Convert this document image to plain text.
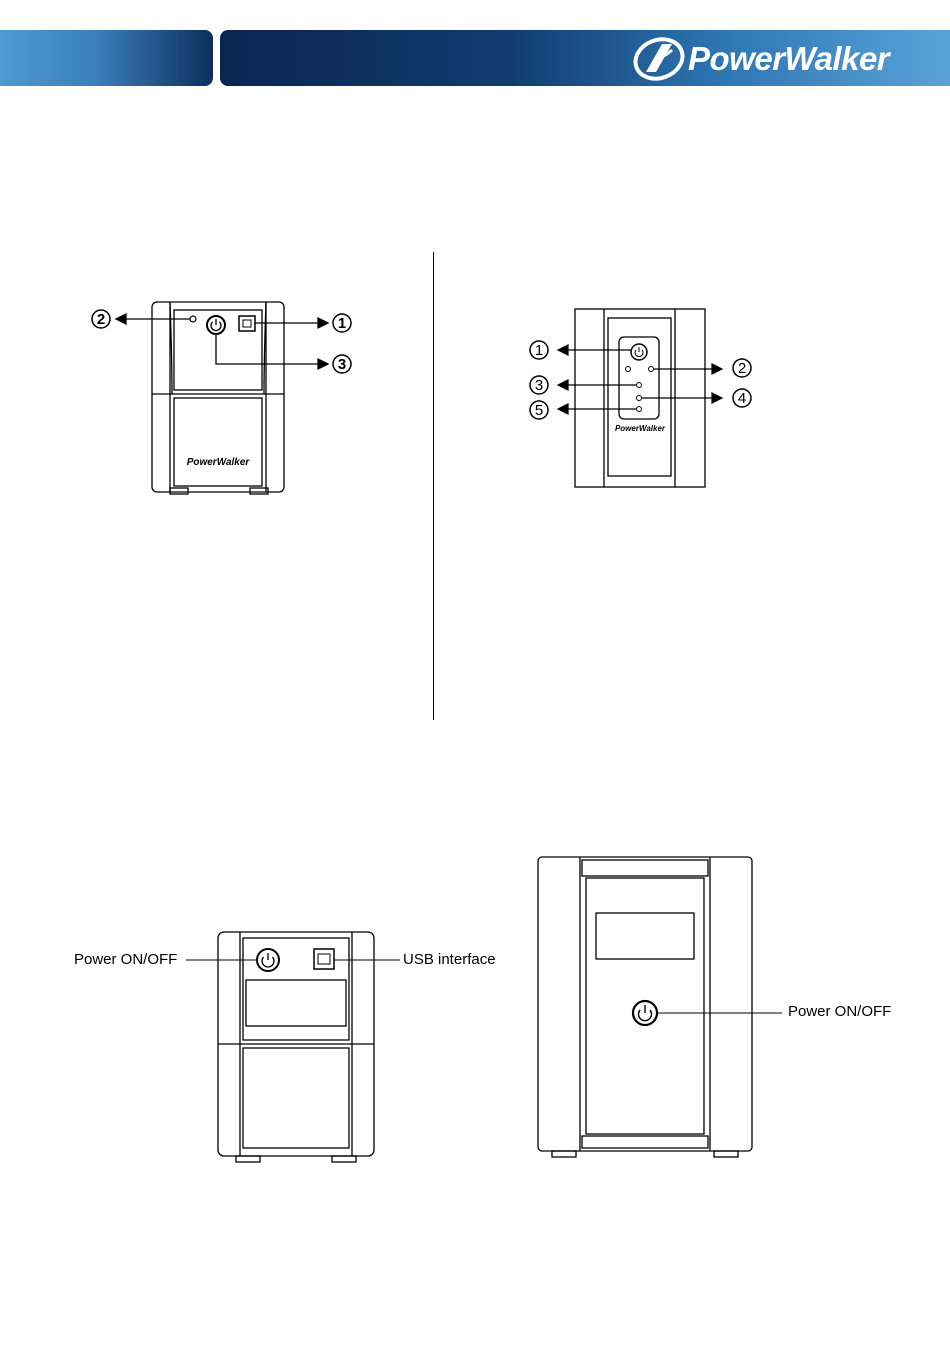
PowerWalker
2	1
3
PowerWalker
1
3
5
2
4
PowerWalker
Power ON/OFF	USB interface
Power ON/OFF
